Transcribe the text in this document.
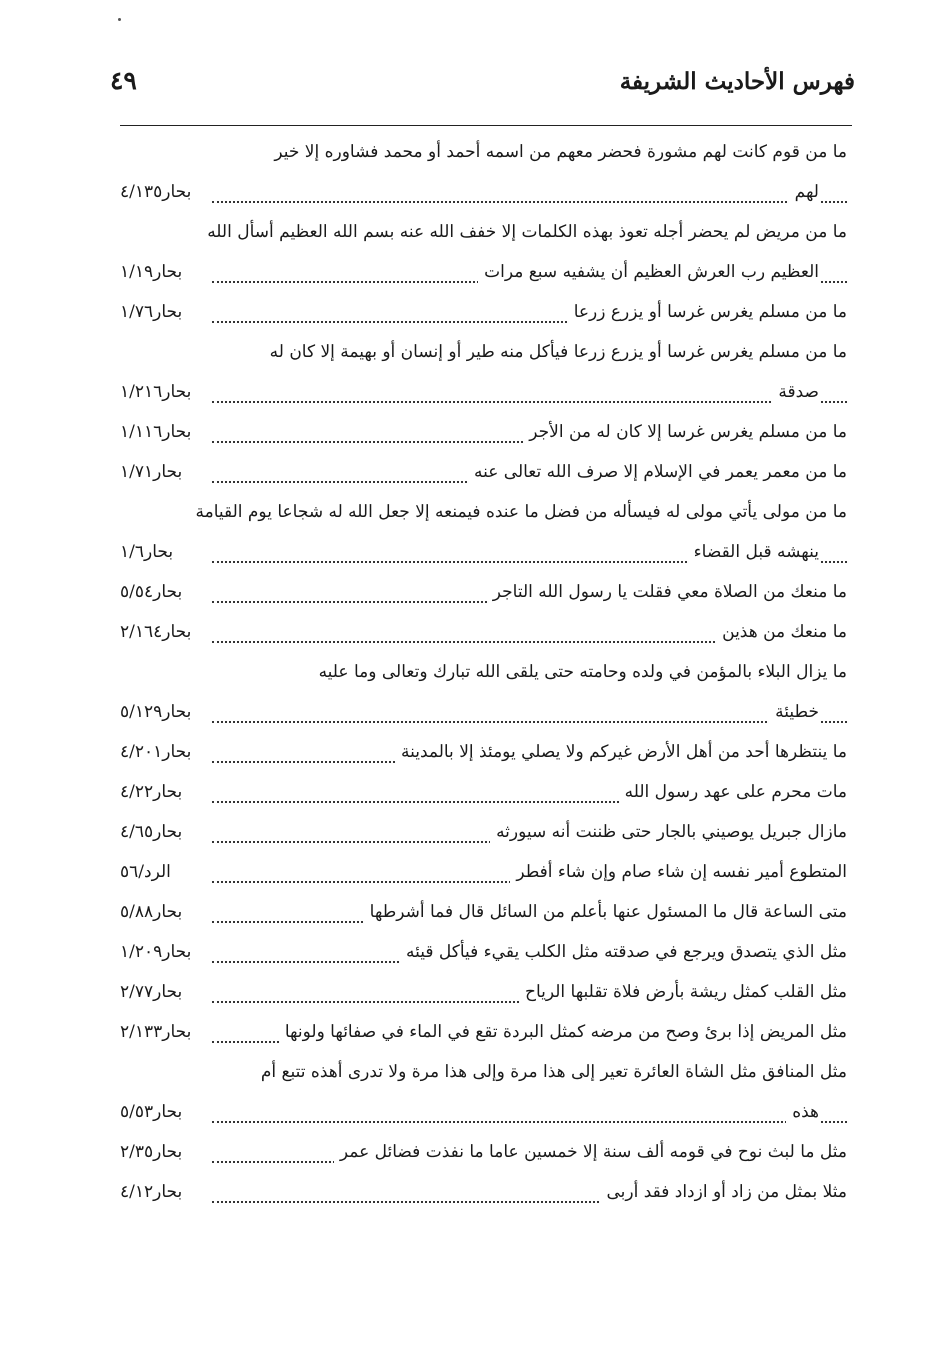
فهرس الأحاديث الشريفة
٤٩
ما من قوم كانت لهم مشورة فحضر معهم من اسمه أحمد أو محمد فشاوره إلا خير
لهم
بحار٤/١٣٥
ما من مريض لم يحضر أجله تعوذ بهذه الكلمات إلا خفف الله عنه بسم الله العظيم أسأل الله
العظيم رب العرش العظيم أن يشفيه سبع مرات
بحار١/١٩
ما من مسلم يغرس غرسا أو يزرع زرعا
بحار١/٧٦
ما من مسلم يغرس غرسا أو يزرع زرعا فيأكل منه طير أو إنسان أو بهيمة إلا كان له
صدقة
بحار١/٢١٦
ما من مسلم يغرس غرسا إلا كان له من الأجر
بحار١/١١٦
ما من معمر يعمر في الإسلام إلا صرف الله تعالى عنه
بحار١/٧١
ما من مولى يأتي مولى له فيسأله من فضل ما عنده فيمنعه إلا جعل الله له شجاعا يوم القيامة
ينهشه قبل القضاء
بحار١/٦
ما منعك من الصلاة معي فقلت يا رسول الله التاجر
بحار٥/٥٤
ما منعك من هذين
بحار٢/١٦٤
ما يزال البلاء بالمؤمن في ولده وحامته حتى يلقى الله تبارك وتعالى وما عليه
خطيئة
بحار٥/١٢٩
ما ينتظرها أحد من أهل الأرض غيركم ولا يصلي يومئذ إلا بالمدينة
بحار٤/٢٠١
مات محرم على عهد رسول الله
بحار٤/٢٢
مازال جبريل يوصيني بالجار حتى ظننت أنه سيورثه
بحار٤/٦٥
المتطوع أمير نفسه إن شاء صام وإن شاء أفطر
الرد/٥٦
متى الساعة قال ما المسئول عنها بأعلم من السائل قال فما أشرطها
بحار٥/٨٨
مثل الذي يتصدق ويرجع في صدقته مثل الكلب يقيء فيأكل قيئه
بحار١/٢٠٩
مثل القلب كمثل ريشة بأرض فلاة تقلبها الرياح
بحار٢/٧٧
مثل المريض إذا برئ وصح من مرضه كمثل البردة تقع في الماء في صفائها ولونها
بحار٢/١٣٣
مثل المنافق مثل الشاة العائرة تعير إلى هذا مرة وإلى هذا مرة ولا تدرى أهذه تتبع أم
هذه
بحار٥/٥٣
مثل ما لبث نوح في قومه ألف سنة إلا خمسين عاما ما نفذت فضائل عمر
بحار٢/٣٥
مثلا بمثل من زاد أو ازداد فقد أربى
بحار٤/١٢
